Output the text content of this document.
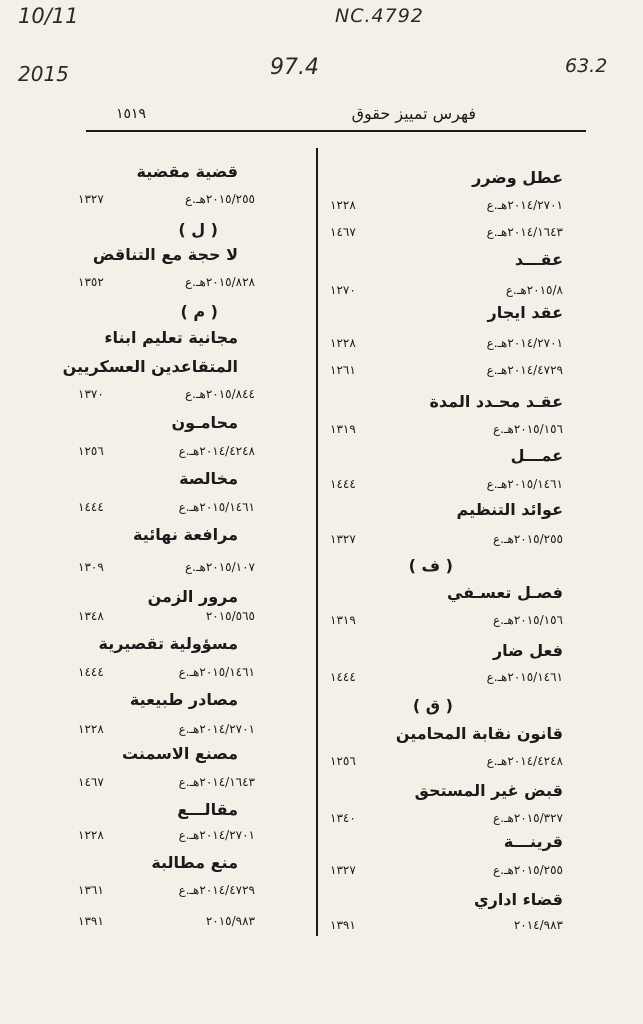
10/11
2015
NC.4792
97.4	63.2
فهرس تمييز حقوق
١٥١٩
عطل وضرر
٢٠١٤/٢٧٠١هـ.ع
١٢٢٨
٢٠١٤/١٦٤٣هـ.ع
١٤٦٧
عقـــد
٢٠١٥/٨هـ.ع
١٢٧٠
عقد ايجار
٢٠١٤/٢٧٠١هـ.ع
١٢٢٨
٢٠١٤/٤٧٢٩هـ.ع
١٢٦١
عقـد محـدد المدة
٢٠١٥/١٥٦هـ.ع
١٣١٩
عمـــل
٢٠١٥/١٤٦١هـ.ع
١٤٤٤
عوائد التنظيم
٢٠١٥/٢٥٥هـ.ع
١٣٢٧
( ف )
فصـل تعسـفي
٢٠١٥/١٥٦هـ.ع
١٣١٩
فعل ضار
٢٠١٥/١٤٦١هـ.ع
١٤٤٤
( ق )
قانون نقابة المحامين
٢٠١٤/٤٢٤٨هـ.ع
١٢٥٦
قبض غير المستحق
٢٠١٥/٣٢٧هـ.ع
١٣٤٠
قرينـــة
٢٠١٥/٢٥٥هـ.ع
١٣٢٧
قضاء اداري
٢٠١٤/٩٨٣
١٣٩١
قضية مقضية
٢٠١٥/٢٥٥هـ.ع
١٣٢٧
( ل )
لا حجة مع التناقض
٢٠١٥/٨٢٨هـ.ع
١٣٥٢
( م )
مجانية تعليم ابناء
المتقاعدين العسكريين
٢٠١٥/٨٤٤هـ.ع
١٣٧٠
محامـون
٢٠١٤/٤٢٤٨هـ.ع
١٢٥٦
مخالصة
٢٠١٥/١٤٦١هـ.ع
١٤٤٤
مرافعة نهائية
٢٠١٥/١٠٧هـ.ع
١٣٠٩
مرور الزمن
٢٠١٥/٥٦٥
١٣٤٨
مسؤولية تقصيرية
٢٠١٥/١٤٦١هـ.ع
١٤٤٤
مصادر طبيعية
٢٠١٤/٢٧٠١هـ.ع
١٢٢٨
مصنع الاسمنت
٢٠١٤/١٦٤٣هـ.ع
١٤٦٧
مقالـــع
٢٠١٤/٢٧٠١هـ.ع
١٢٢٨
منع مطالبة
٢٠١٤/٤٧٢٩هـ.ع
١٣٦١
٢٠١٥/٩٨٣
١٣٩١
